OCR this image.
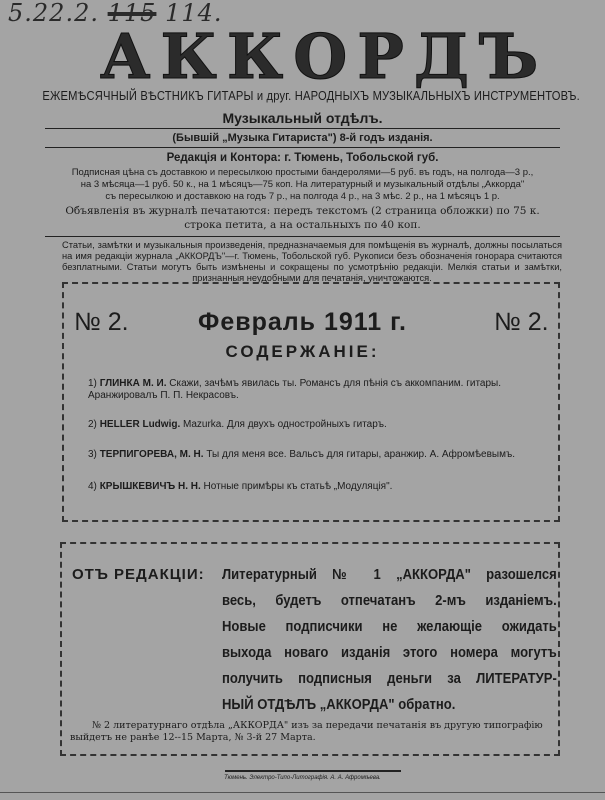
5.22.2. 115 114.
АККОРДЪ
ЕЖЕМѢСЯЧНЫЙ ВѢСТНИКЪ ГИТАРЫ и друг. НАРОДНЫХЪ МУЗЫКАЛЬНЫХЪ ИНСТРУМЕНТОВЪ.
Музыкальный отдѣлъ.
(Бывшій „Музыка Гитариста") 8-й годъ изданія.
Редакція и Контора: г. Тюмень, Тобольской губ.
Подписная цѣна съ доставкою и пересылкою простыми бандеролями—5 руб. въ годъ, на полгода—3 р.,
на 3 мѣсяца—1 руб. 50 к., на 1 мѣсяцъ—75 коп. На литературный и музыкальный отдѣлы „Аккорда"
съ пересылкою и доставкою на годъ 7 р., на полгода 4 р., на 3 мѣс. 2 р., на 1 мѣсяцъ 1 р.
Объявленія въ журналѣ печатаются: передъ текстомъ (2 страница обложки) по 75 к.
строка петита, а на остальныхъ по 40 коп.
Статьи, замѣтки и музыкальныя произведенія, предназначаемыя для помѣщенія въ журналѣ, должны посылаться на имя редакціи журнала „АККОРДЪ"—г. Тюмень, Тобольской губ. Рукописи безъ обозначенія гонорара считаются безплатными. Статьи могутъ быть измѣнены и сокращены по усмотрѣнію редакціи. Мелкія статьи и замѣтки, признанныя неудобными для печатанія, уничтожаются.
№ 2.	Февраль 1911 г.	№ 2.
СОДЕРЖАНІЕ:
1) ГЛИНКА М. И. Скажи, зачѣмъ явилась ты. Романсъ для пѣнія съ аккомпаним. гитары. Аранжировалъ П. П. Некрасовъ.
2) HELLER Ludwig. Mazurka. Для двухъ одностройныхъ гитаръ.
3) ТЕРПИГОРЕВА, М. Н. Ты для меня все. Вальсъ для гитары, аранжир. А. Афромѣевымъ.
4) КРЫШКЕВИЧЪ Н. Н. Нотные примѣры къ статьѣ „Модуляція".
ОТЪ РЕДАКЦІИ: Литературный № 1 „АККОРДА" разошелся
весь, будетъ отпечатанъ 2-мъ изданіемъ.
Новые подписчики не желающіе ожидать
выхода новаго изданія этого номера могутъ
получить подписныя деньги за ЛИТЕРАТУР-
НЫЙ ОТДѢЛЪ „АККОРДА" обратно.
№ 2 литературнаго отдѣла „АККОРДА" изъ за передачи печатанія въ другую типографію выйдетъ не ранѣе 12--15 Марта, № 3-й 27 Марта.
Тюмень. Электро-Типо-Литографія. А. А. Афромѣева.
